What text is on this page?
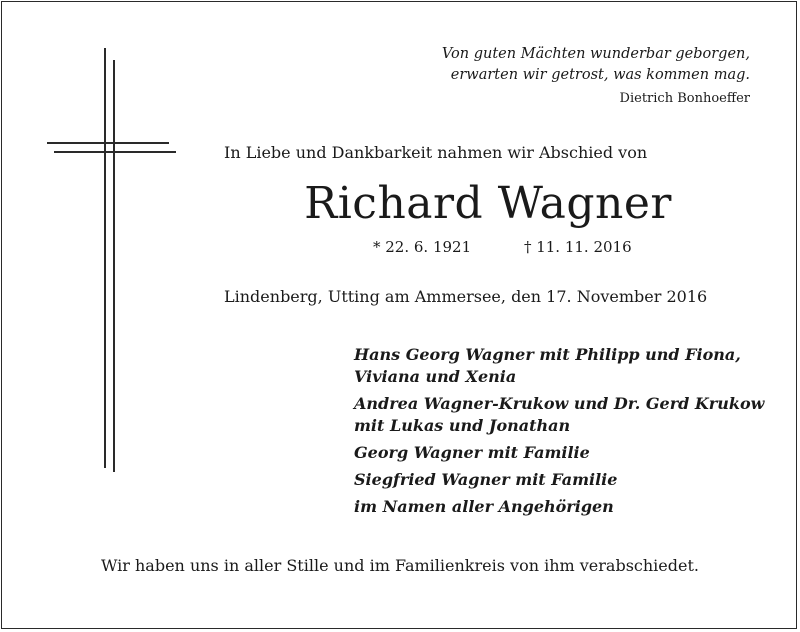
Von guten Mächten wunderbar geborgen,
erwarten wir getrost, was kommen mag.
Dietrich Bonhoeffer
In Liebe und Dankbarkeit nahmen wir Abschied von
Richard Wagner
* 22. 6. 1921	† 11. 11. 2016
Lindenberg, Utting am Ammersee, den 17. November 2016
Hans Georg Wagner mit Philipp und Fiona,
Viviana und Xenia
Andrea Wagner-Krukow und Dr. Gerd Krukow
mit Lukas und Jonathan
Georg Wagner mit Familie
Siegfried Wagner mit Familie
im Namen aller Angehörigen
Wir haben uns in aller Stille und im Familienkreis von ihm verabschiedet.
